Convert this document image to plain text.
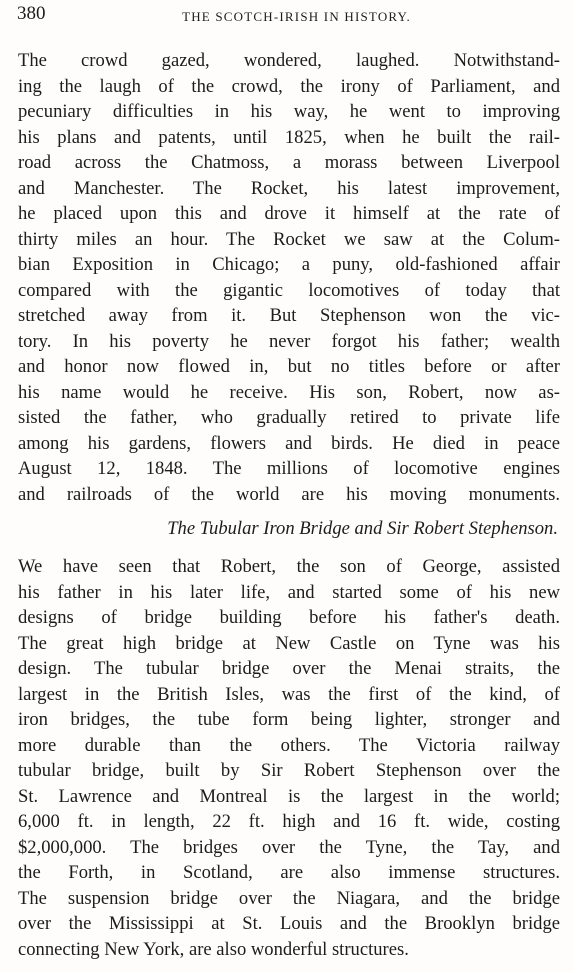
380	THE SCOTCH-IRISH IN HISTORY.
The crowd gazed, wondered, laughed. Notwithstand-
ing the laugh of the crowd, the irony of Parliament, and
pecuniary difficulties in his way, he went to improving
his plans and patents, until 1825, when he built the rail-
road across the Chatmoss, a morass between Liverpool
and Manchester. The Rocket, his latest improvement,
he placed upon this and drove it himself at the rate of
thirty miles an hour. The Rocket we saw at the Colum-
bian Exposition in Chicago; a puny, old-fashioned affair
compared with the gigantic locomotives of today that
stretched away from it. But Stephenson won the vic-
tory. In his poverty he never forgot his father; wealth
and honor now flowed in, but no titles before or after
his name would he receive. His son, Robert, now as-
sisted the father, who gradually retired to private life
among his gardens, flowers and birds. He died in peace
August 12, 1848. The millions of locomotive engines
and railroads of the world are his moving monuments.
The Tubular Iron Bridge and Sir Robert Stephenson.
We have seen that Robert, the son of George, assisted
his father in his later life, and started some of his new
designs of bridge building before his father's death.
The great high bridge at New Castle on Tyne was his
design. The tubular bridge over the Menai straits, the
largest in the British Isles, was the first of the kind, of
iron bridges, the tube form being lighter, stronger and
more durable than the others. The Victoria railway
tubular bridge, built by Sir Robert Stephenson over the
St. Lawrence and Montreal is the largest in the world;
6,000 ft. in length, 22 ft. high and 16 ft. wide, costing
$2,000,000. The bridges over the Tyne, the Tay, and
the Forth, in Scotland, are also immense structures.
The suspension bridge over the Niagara, and the bridge
over the Mississippi at St. Louis and the Brooklyn bridge
connecting New York, are also wonderful structures.
